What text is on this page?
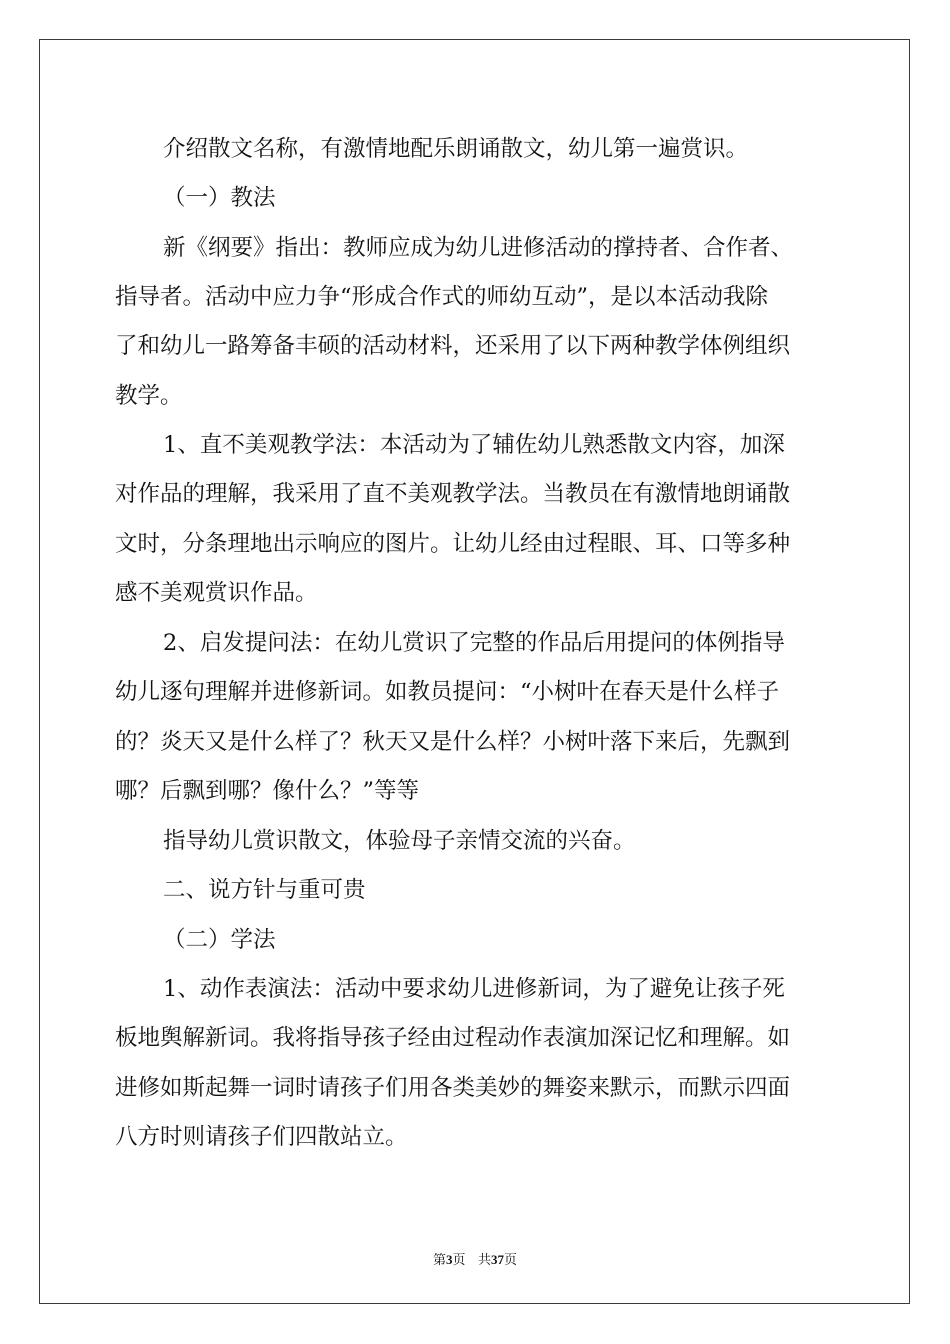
介绍散文名称，有激情地配乐朗诵散文，幼儿第一遍赏识。
（一）教法
新《纲要》指出：教师应成为幼儿进修活动的撑持者、合作者、
指导者。活动中应力争“形成合作式的师幼互动”，是以本活动我除
了和幼儿一路筹备丰硕的活动材料，还采用了以下两种教学体例组织
教学。
1、直不美观教学法：本活动为了辅佐幼儿熟悉散文内容，加深
对作品的理解，我采用了直不美观教学法。当教员在有激情地朗诵散
文时，分条理地出示响应的图片。让幼儿经由过程眼、耳、口等多种
感不美观赏识作品。
2、启发提问法：在幼儿赏识了完整的作品后用提问的体例指导
幼儿逐句理解并进修新词。如教员提问：“小树叶在春天是什么样子
的？炎天又是什么样了？秋天又是什么样？小树叶落下来后，先飘到
哪？后飘到哪？像什么？”等等
指导幼儿赏识散文，体验母子亲情交流的兴奋。
二、说方针与重可贵
（二）学法
1、动作表演法：活动中要求幼儿进修新词，为了避免让孩子死
板地舆解新词。我将指导孩子经由过程动作表演加深记忆和理解。如
进修如斯起舞一词时请孩子们用各类美妙的舞姿来默示，而默示四面
八方时则请孩子们四散站立。
第3页 共37页
